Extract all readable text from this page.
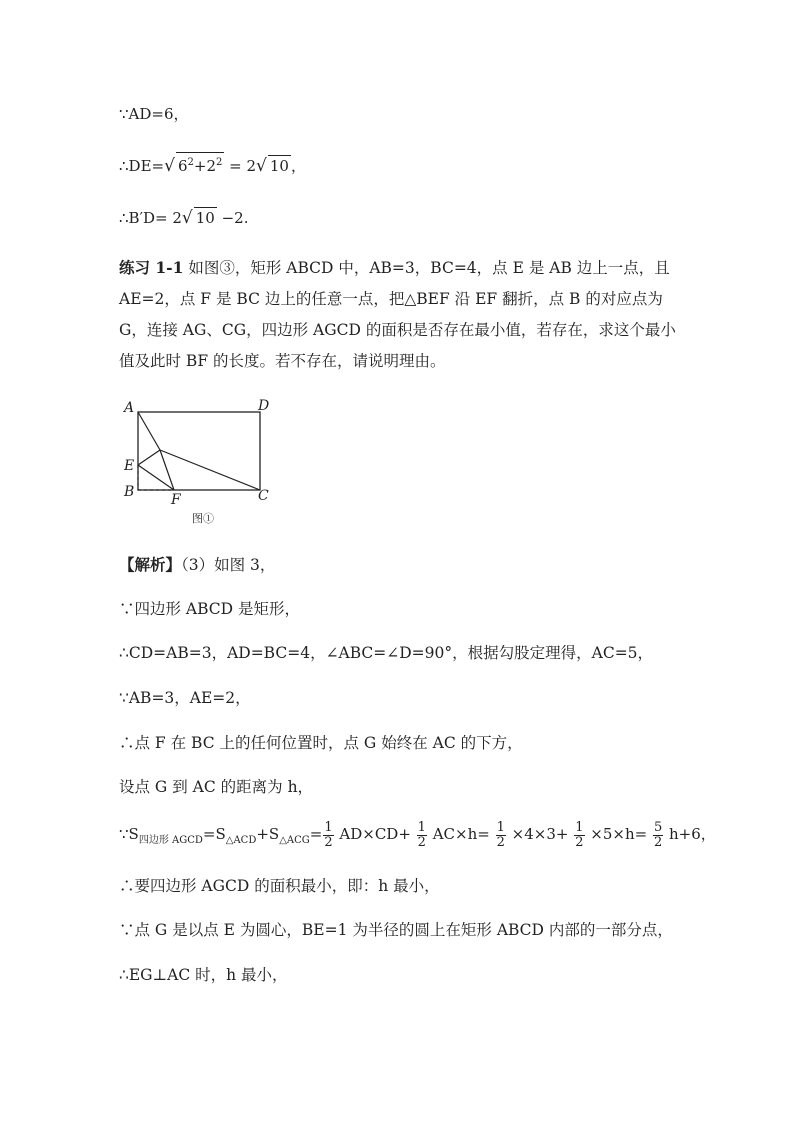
∵AD=6，
∴DE=√ $6^2+2^2 = 2√$ 10 ，
∴B′D= 2√ 10 −2.
练习 1-1 如图③，矩形 ABCD 中，AB=3，BC=4，点 E 是 AB 边上一点，且 AE=2，点 F 是 BC 边上的任意一点，把△BEF 沿 EF 翻折，点 B 的对应点为 G，连接 AG、CG，四边形 AGCD 的面积是否存在最小值，若存在，求这个最小值及此时 BF 的长度。若不存在，请说明理由。
A	D
E
B	F	C
图①
【解析】（3）如图 3，
∵四边形 ABCD 是矩形，
∴CD=AB=3，AD=BC=4，∠ABC=∠D=90°，根据勾股定理得，AC=5，
∵AB=3，AE=2，
∴点 F 在 BC 上的任何位置时，点 G 始终在 AC 的下方，
设点 G 到 AC 的距离为 h，
$\because S_{四边形 AGCD}=S_{\triangle ACD}+S_{\triangle ACG}= \frac{1}{2} AD\times CD+ \frac{1}{2} AC\times h= \frac{1}{2} \times 4\times 3+ \frac{1}{2} \times 5\times h= \frac{5}{2} h+6$，
∴要四边形 AGCD 的面积最小，即：h 最小，
∵点 G 是以点 E 为圆心，BE=1 为半径的圆上在矩形 ABCD 内部的一部分点，
∴EG⊥AC 时，h 最小，
